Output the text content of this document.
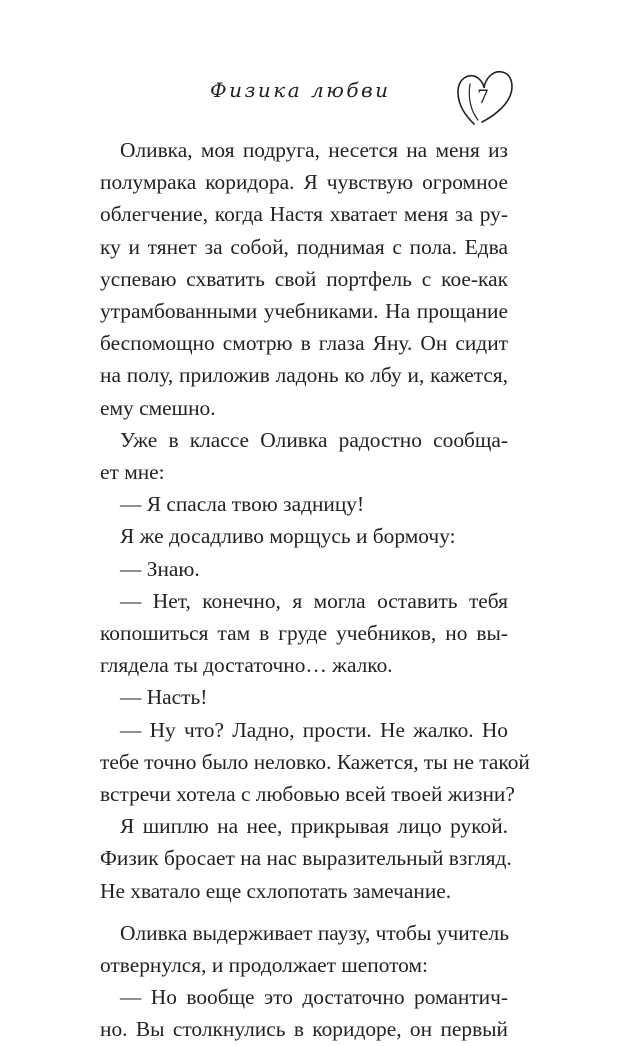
Физика любви	7

Оливка, моя подруга, несется на меня из

полумрака коридора. Я чувствую огромное

облегчение, когда Настя хватает меня за ру-

ку и тянет за собой, поднимая с пола. Едва

успеваю схватить свой портфель с кое-как

утрамбованными учебниками. На прощание

беспомощно смотрю в глаза Яну. Он сидит

на полу, приложив ладонь ко лбу и, кажется,

ему смешно.

Уже в классе Оливка радостно сообща-

ет мне:

— Я спасла твою задницу!

Я же досадливо морщусь и бормочу:

— Знаю.

— Нет, конечно, я могла оставить тебя

копошиться там в груде учебников, но вы-

глядела ты достаточно… жалко.

— Насть!

— Ну что? Ладно, прости. Не жалко. Но

тебе точно было неловко. Кажется, ты не такой

встречи хотела с любовью всей твоей жизни?

Я шиплю на нее, прикрывая лицо рукой.

Физик бросает на нас выразительный взгляд.

Не хватало еще схлопотать замечание.

Оливка выдерживает паузу, чтобы учитель

отвернулся, и продолжает шепотом:

— Но вообще это достаточно романтич-

но. Вы столкнулись в коридоре, он первый
